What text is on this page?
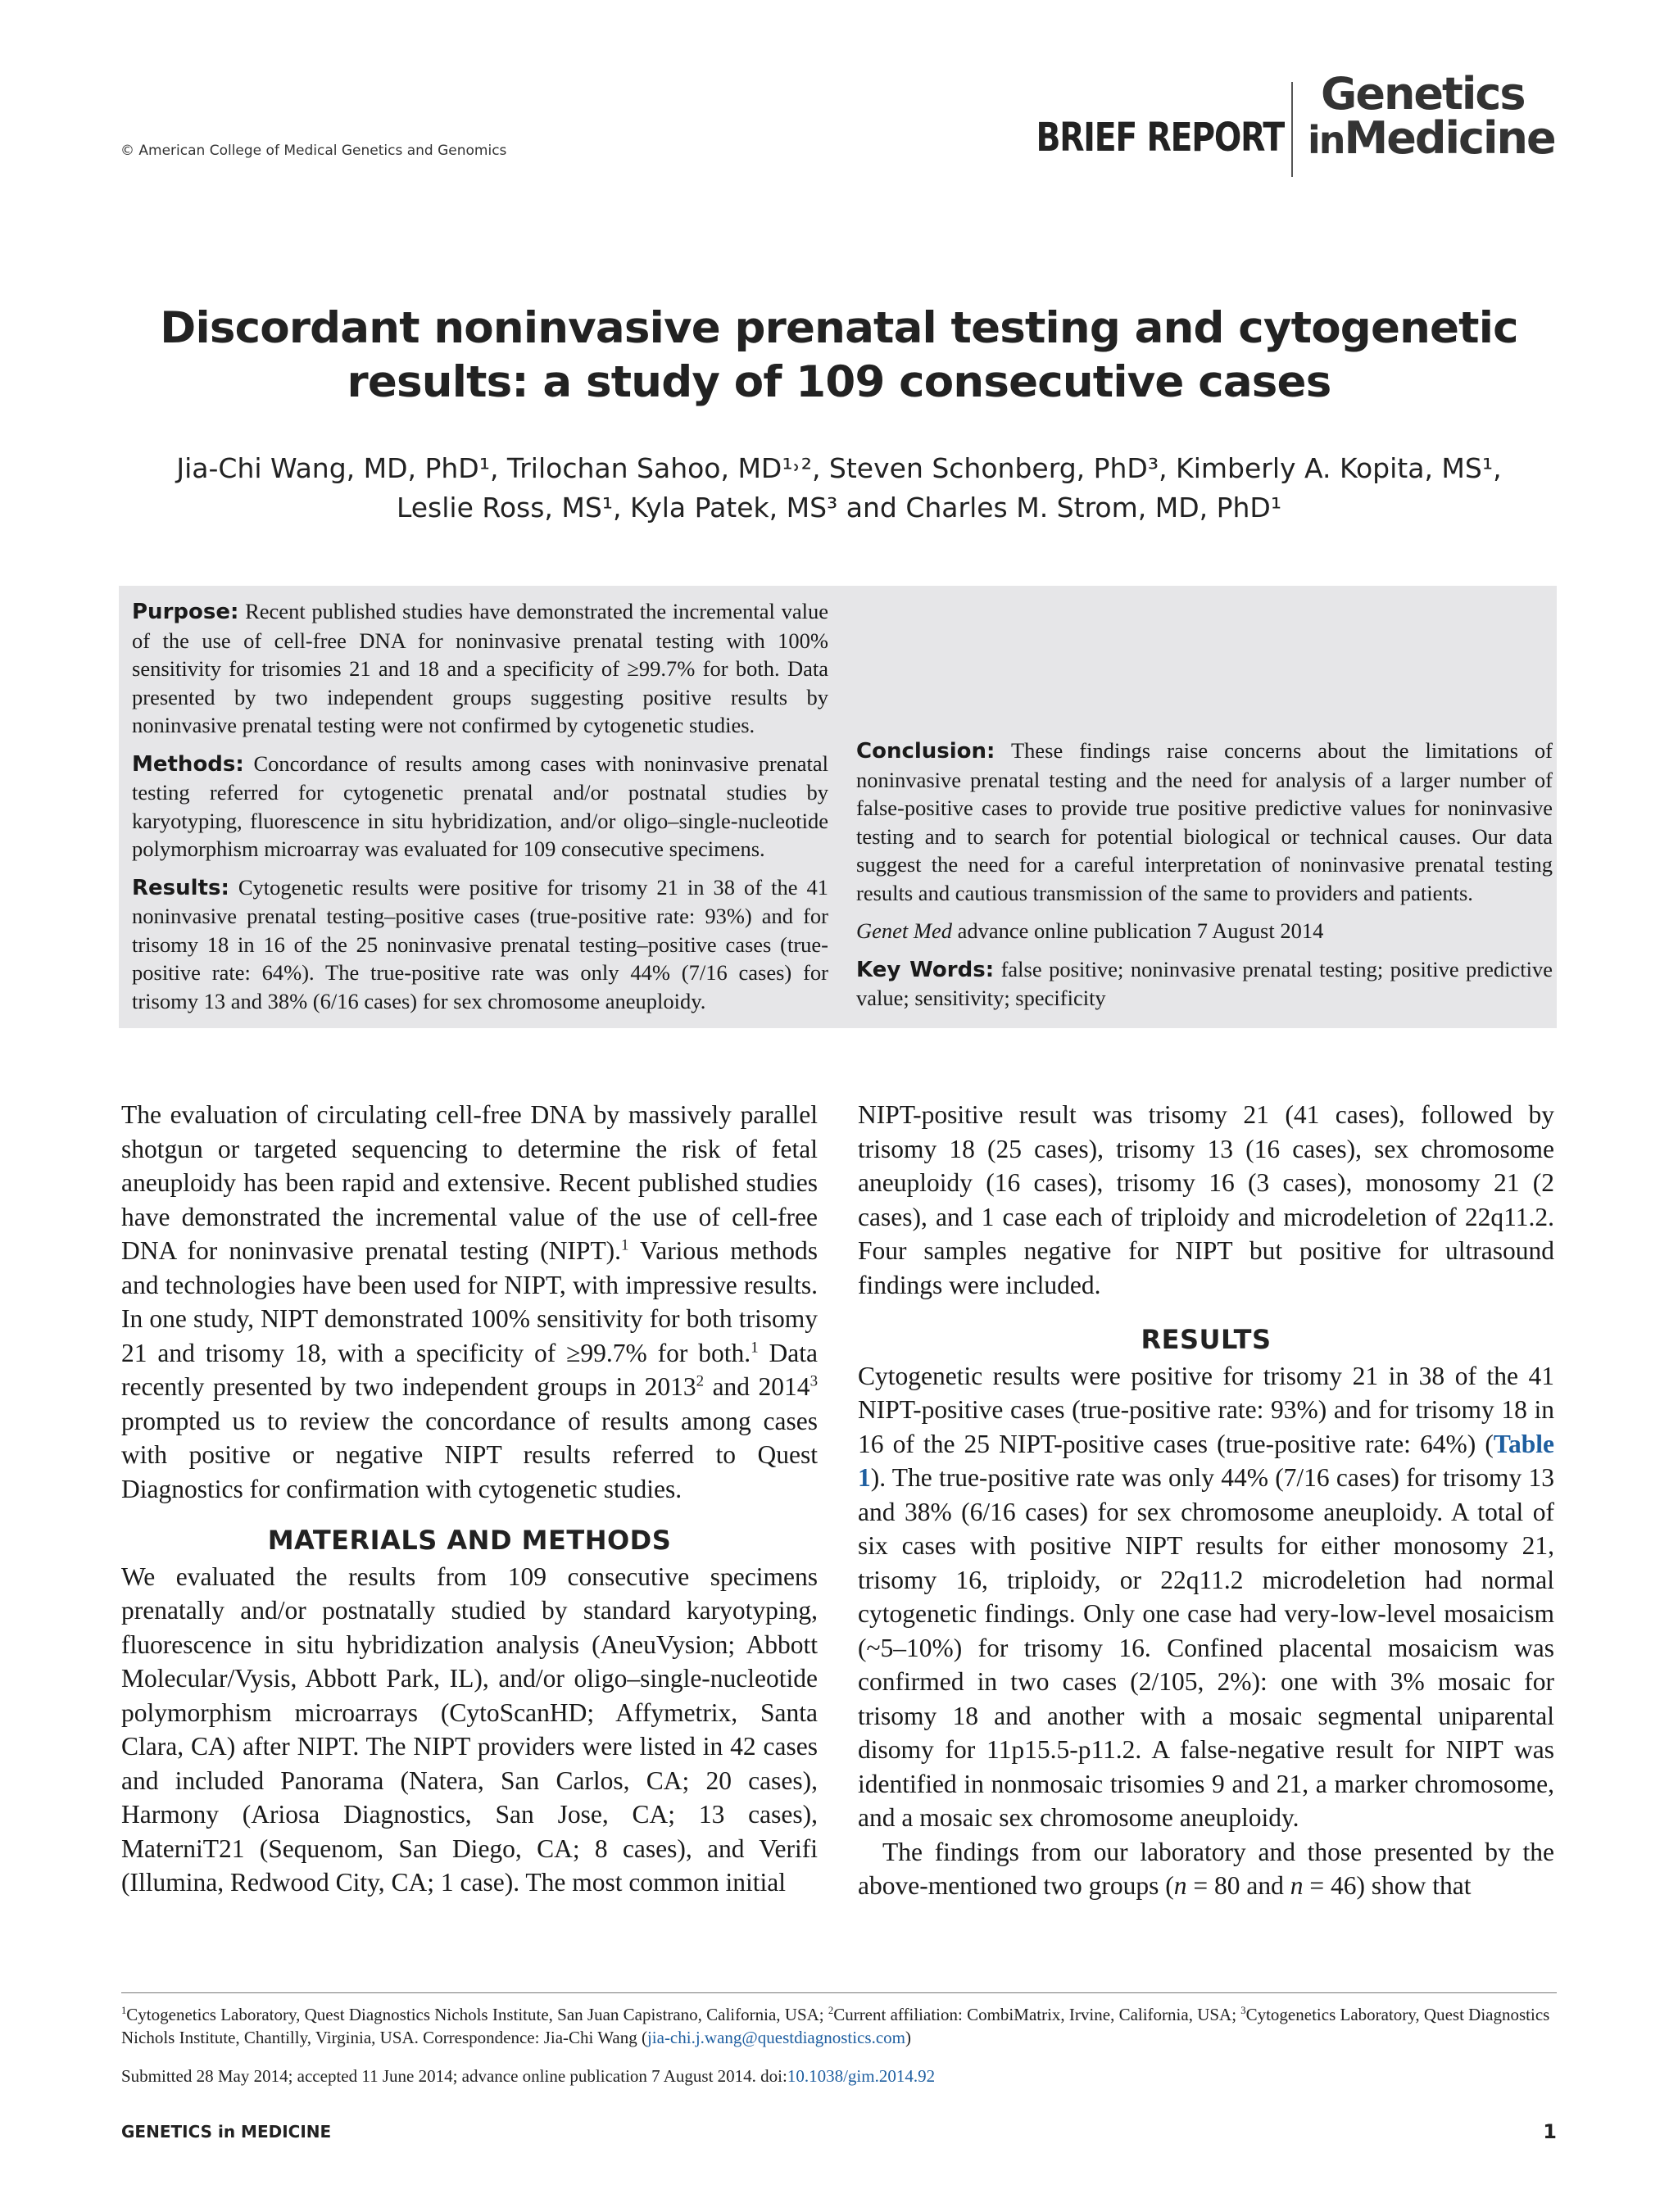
© American College of Medical Genetics and Genomics	BRIEF REPORT
Genetics
inMedicine
Discordant noninvasive prenatal testing and cytogenetic results: a study of 109 consecutive cases
Jia-Chi Wang, MD, PhD¹, Trilochan Sahoo, MD¹˒², Steven Schonberg, PhD³, Kimberly A. Kopita, MS¹,
Leslie Ross, MS¹, Kyla Patek, MS³ and Charles M. Strom, MD, PhD¹

Purpose: Recent published studies have demonstrated the incremental value of the use of cell-free DNA for noninvasive prenatal testing with 100% sensitivity for trisomies 21 and 18 and a specificity of ≥99.7% for both. Data presented by two independent groups suggesting positive results by noninvasive prenatal testing were not confirmed by cytogenetic studies.

Methods: Concordance of results among cases with noninvasive prenatal testing referred for cytogenetic prenatal and/or postnatal studies by karyotyping, fluorescence in situ hybridization, and/or oligo–single-nucleotide polymorphism microarray was evaluated for 109 consecutive specimens.

Results: Cytogenetic results were positive for trisomy 21 in 38 of the 41 noninvasive prenatal testing–positive cases (true-positive rate: 93%) and for trisomy 18 in 16 of the 25 noninvasive prenatal testing–positive cases (true-positive rate: 64%). The true-positive rate was only 44% (7/16 cases) for trisomy 13 and 38% (6/16 cases) for sex chromosome aneuploidy.

Conclusion: These findings raise concerns about the limitations of noninvasive prenatal testing and the need for analysis of a larger number of false-positive cases to provide true positive predictive values for noninvasive testing and to search for potential biological or technical causes. Our data suggest the need for a careful interpretation of noninvasive prenatal testing results and cautious transmission of the same to providers and patients.

Genet Med advance online publication 7 August 2014

Key Words: false positive; noninvasive prenatal testing; positive predictive value; sensitivity; specificity

The evaluation of circulating cell-free DNA by massively parallel shotgun or targeted sequencing to determine the risk of fetal aneuploidy has been rapid and extensive. Recent published studies have demonstrated the incremental value of the use of cell-free DNA for noninvasive prenatal testing (NIPT).$^1$ Various methods and technologies have been used for NIPT, with impressive results. In one study, NIPT demonstrated 100% sensitivity for both trisomy 21 and trisomy 18, with a specificity of ≥99.7% for both.$^1$ Data recently presented by two independent groups in 2013$^2$ and 2014$^3$ prompted us to review the concordance of results among cases with positive or negative NIPT results referred to Quest Diagnostics for confirmation with cytogenetic studies.

MATERIALS AND METHODS

We evaluated the results from 109 consecutive specimens prenatally and/or postnatally studied by standard karyotyping, fluorescence in situ hybridization analysis (AneuVysion; Abbott Molecular/Vysis, Abbott Park, IL), and/or oligo–single-nucleotide polymorphism microarrays (CytoScanHD; Affymetrix, Santa Clara, CA) after NIPT. The NIPT providers were listed in 42 cases and included Panorama (Natera, San Carlos, CA; 20 cases), Harmony (Ariosa Diagnostics, San Jose, CA; 13 cases), MaterniT21 (Sequenom, San Diego, CA; 8 cases), and Verifi (Illumina, Redwood City, CA; 1 case). The most common initial

NIPT-positive result was trisomy 21 (41 cases), followed by trisomy 18 (25 cases), trisomy 13 (16 cases), sex chromosome aneuploidy (16 cases), trisomy 16 (3 cases), monosomy 21 (2 cases), and 1 case each of triploidy and microdeletion of 22q11.2. Four samples negative for NIPT but positive for ultrasound findings were included.

RESULTS

Cytogenetic results were positive for trisomy 21 in 38 of the 41 NIPT-positive cases (true-positive rate: 93%) and for trisomy 18 in 16 of the 25 NIPT-positive cases (true-positive rate: 64%) (Table 1). The true-positive rate was only 44% (7/16 cases) for trisomy 13 and 38% (6/16 cases) for sex chromosome aneuploidy. A total of six cases with positive NIPT results for either monosomy 21, trisomy 16, triploidy, or 22q11.2 microdeletion had normal cytogenetic findings. Only one case had very-low-level mosaicism (~5–10%) for trisomy 16. Confined placental mosaicism was confirmed in two cases (2/105, 2%): one with 3% mosaic for trisomy 18 and another with a mosaic segmental uniparental disomy for 11p15.5-p11.2. A false-negative result for NIPT was identified in nonmosaic trisomies 9 and 21, a marker chromosome, and a mosaic sex chromosome aneuploidy.

The findings from our laboratory and those presented by the above-mentioned two groups (n = 80 and n = 46) show that

$^1$Cytogenetics Laboratory, Quest Diagnostics Nichols Institute, San Juan Capistrano, California, USA; $^2$Current affiliation: CombiMatrix, Irvine, California, USA; $^3$Cytogenetics Laboratory, Quest Diagnostics Nichols Institute, Chantilly, Virginia, USA. Correspondence: Jia-Chi Wang (jia-chi.j.wang@questdiagnostics.com)
Submitted 28 May 2014; accepted 11 June 2014; advance online publication 7 August 2014. doi:10.1038/gim.2014.92
GENETICS in MEDICINE	1
